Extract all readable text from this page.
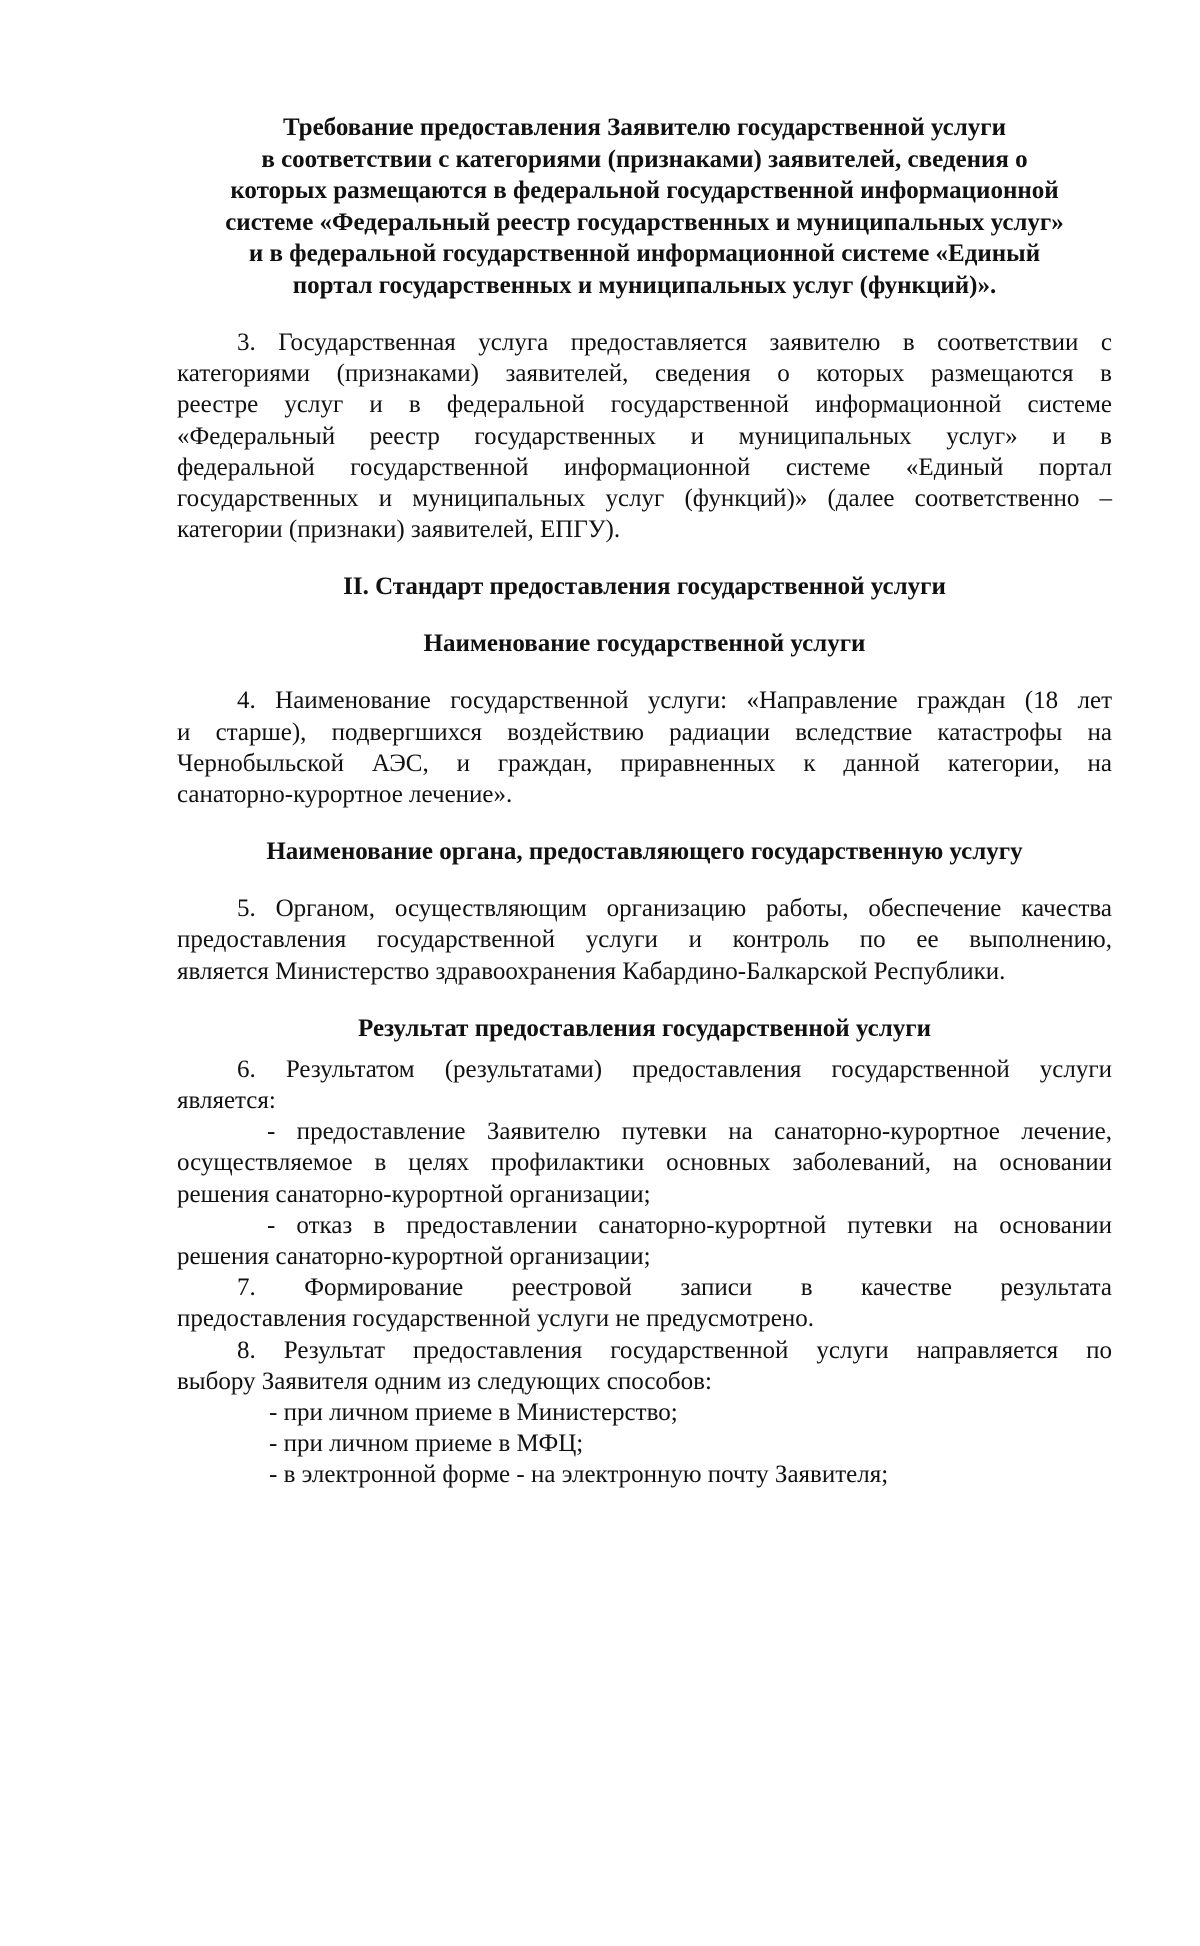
Требование предоставления Заявителю государственной услуги
в соответствии с категориями (признаками) заявителей, сведения о
которых размещаются в федеральной государственной информационной
системе «Федеральный реестр государственных и муниципальных услуг»
и в федеральной государственной информационной системе «Единый
портал государственных и муниципальных услуг (функций)».
3. Государственная услуга предоставляется заявителю в соответствии с
категориями (признаками) заявителей, сведения о которых размещаются в
реестре услуг и в федеральной государственной информационной системе
«Федеральный реестр государственных и муниципальных услуг» и в
федеральной государственной информационной системе «Единый портал
государственных и муниципальных услуг (функций)» (далее соответственно –
категории (признаки) заявителей, ЕПГУ).
II. Стандарт предоставления государственной услуги
Наименование государственной услуги
4. Наименование государственной услуги: «Направление граждан (18 лет
и старше), подвергшихся воздействию радиации вследствие катастрофы на
Чернобыльской АЭС, и граждан, приравненных к данной категории, на
санаторно-курортное лечение».
Наименование органа, предоставляющего государственную услугу
5. Органом, осуществляющим организацию работы, обеспечение качества
предоставления государственной услуги и контроль по ее выполнению,
является Министерство здравоохранения Кабардино-Балкарской Республики.
Результат предоставления государственной услуги
6. Результатом (результатами) предоставления государственной услуги
является:
- предоставление Заявителю путевки на санаторно-курортное лечение,
осуществляемое в целях профилактики основных заболеваний, на основании
решения санаторно-курортной организации;
- отказ в предоставлении санаторно-курортной путевки на основании
решения санаторно-курортной организации;
7. Формирование реестровой записи в качестве результата
предоставления государственной услуги не предусмотрено.
8. Результат предоставления государственной услуги направляется по
выбору Заявителя одним из следующих способов:
- при личном приеме в Министерство;
- при личном приеме в МФЦ;
- в электронной форме - на электронную почту Заявителя;
